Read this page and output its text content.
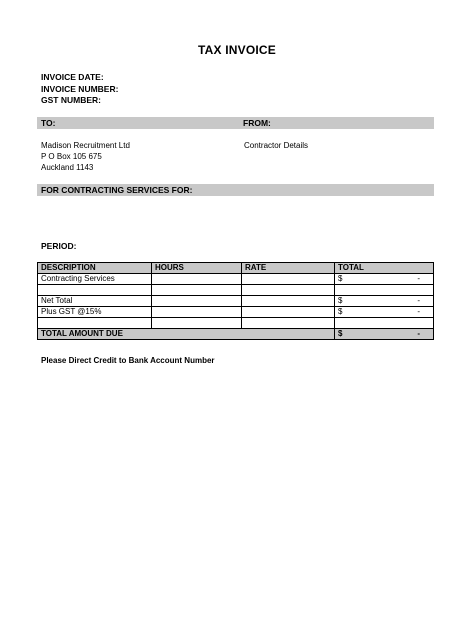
TAX INVOICE
INVOICE DATE:
INVOICE NUMBER:
GST NUMBER:
TO:	FROM:
Madison Recruitment Ltd
P O Box 105 675
Auckland 1143
Contractor Details
FOR CONTRACTING SERVICES FOR:
PERIOD:
DESCRIPTION	HOURS	RATE	TOTAL
Contracting Services			$ -

Net Total			$ -

Plus GST @15%			$ -

TOTAL AMOUNT DUE			$ -
Please Direct Credit to Bank Account Number
